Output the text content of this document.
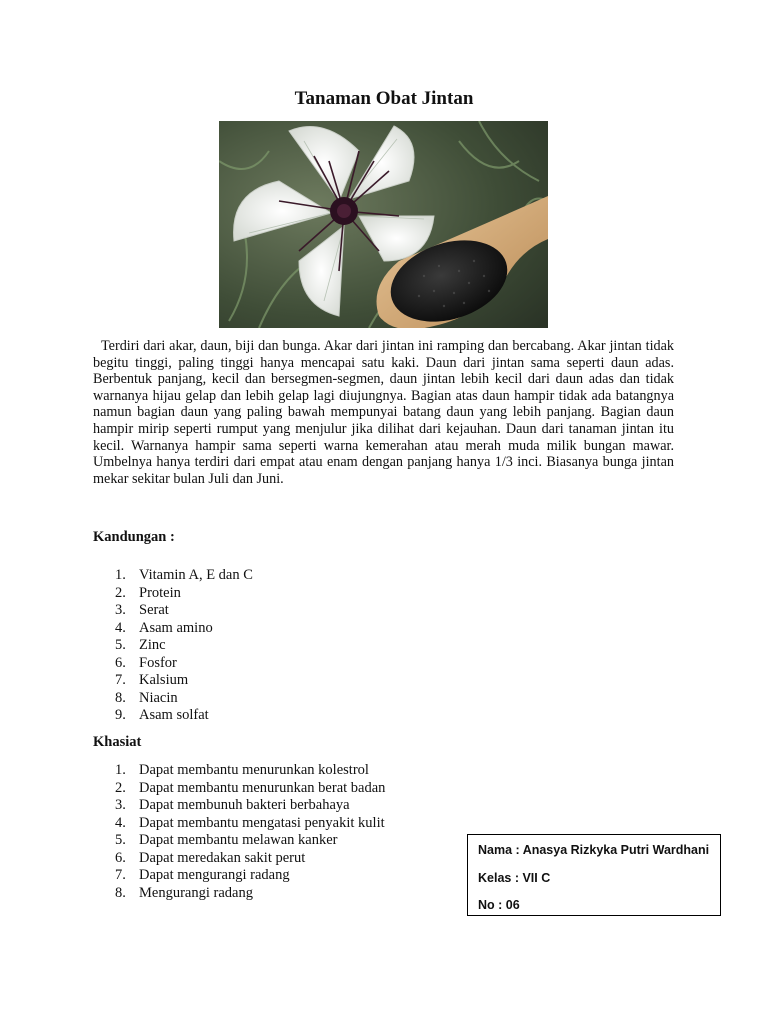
Tanaman Obat Jintan

Terdiri dari akar, daun, biji dan bunga. Akar dari jintan ini ramping dan bercabang. Akar jintan tidak begitu tinggi, paling tinggi hanya mencapai satu kaki. Daun dari jintan sama seperti daun adas. Berbentuk panjang, kecil dan bersegmen-segmen, daun jintan lebih kecil dari daun adas dan tidak warnanya hijau gelap dan lebih gelap lagi diujungnya. Bagian atas daun hampir tidak ada batangnya namun bagian daun yang paling bawah mempunyai batang daun yang lebih panjang. Bagian daun hampir mirip seperti rumput yang menjulur jika dilihat dari kejauhan. Daun dari tanaman jintan itu kecil. Warnanya hampir sama seperti warna kemerahan atau merah muda milik bungan mawar. Umbelnya hanya terdiri dari empat atau enam dengan panjang hanya 1/3 inci. Biasanya bunga jintan mekar sekitar bulan Juli dan Juni.

Kandungan :

1. Vitamin A, E dan C
2. Protein
3. Serat
4. Asam amino
5. Zinc
6. Fosfor
7. Kalsium
8. Niacin
9. Asam solfat

Khasiat

1. Dapat membantu menurunkan kolestrol
2. Dapat membantu menurunkan berat badan
3. Dapat membunuh bakteri berbahaya
4. Dapat membantu mengatasi penyakit kulit
5. Dapat membantu melawan kanker
6. Dapat meredakan sakit perut
7. Dapat mengurangi radang
8. Mengurangi radang
Nama : Anasya Rizkyka Putri Wardhani
Kelas : VII C
No : 06
